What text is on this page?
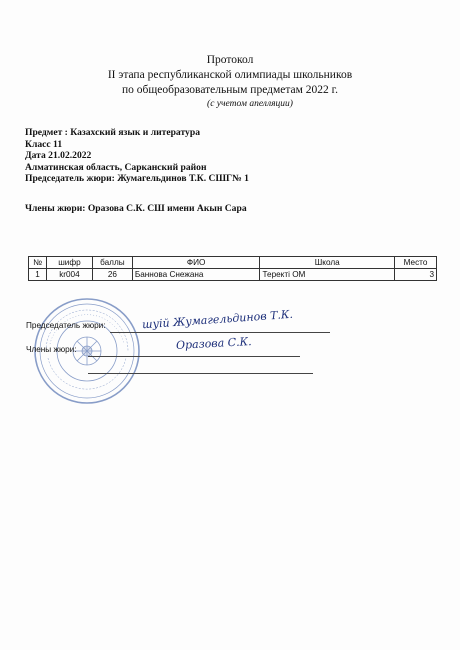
Протокол
II этапа республиканской олимпиады школьников
по общеобразовательным предметам 2022 г.
(с учетом апелляции)
Предмет : Казахский язык и литература
Класс 11
Дата 21.02.2022
Алматинская область, Сарканский район
Председатель жюри: Жумагельдинов Т.К. СШГ№ 1
Члены жюри: Оразова С.К. СШ имени Акын Сара
№	шифр	баллы	ФИО	Школа	Место
1	kr004	26	Баннова Снежана	Теректі ОМ	3
Председатель жюри:	шуій Жумагельдинов Т.К.
Члены жюри:	Оразова С.К.
